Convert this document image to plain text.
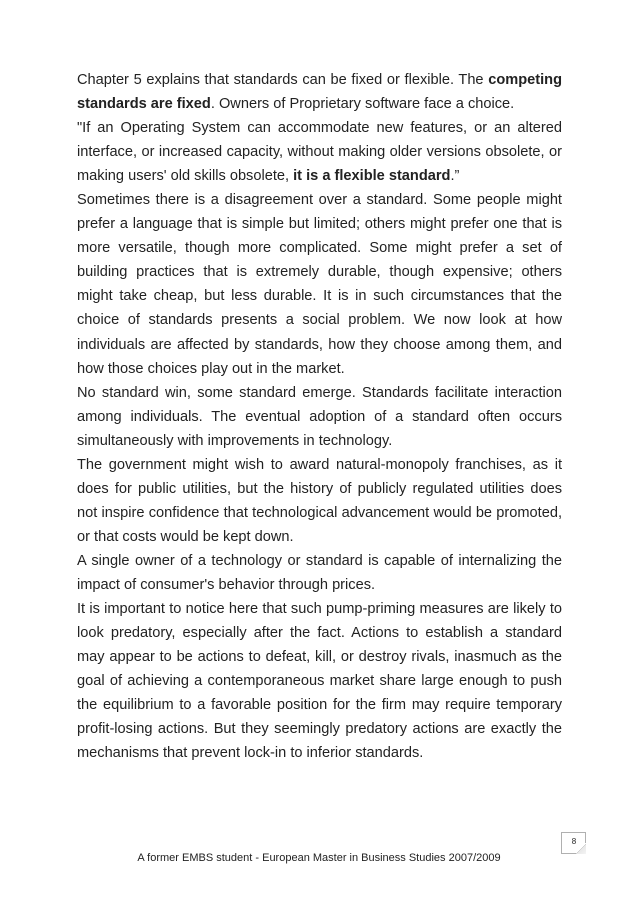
Chapter 5 explains that standards can be fixed or flexible. The competing standards are fixed. Owners of Proprietary software face a choice.

"If an Operating System can accommodate new features, or an altered interface, or increased capacity, without making older versions obsolete, or making users' old skills obsolete, it is a flexible standard.”

Sometimes there is a disagreement over a standard. Some people might prefer a language that is simple but limited; others might prefer one that is more versatile, though more complicated. Some might prefer a set of building practices that is extremely durable, though expensive; others might take cheap, but less durable. It is in such circumstances that the choice of standards presents a social problem. We now look at how individuals are affected by standards, how they choose among them, and how those choices play out in the market.

No standard win, some standard emerge. Standards facilitate interaction among individuals. The eventual adoption of a standard often occurs simultaneously with improvements in technology.

The government might wish to award natural-monopoly franchises, as it does for public utilities, but the history of publicly regulated utilities does not inspire confidence that technological advancement would be promoted, or that costs would be kept down.

A single owner of a technology or standard is capable of internalizing the impact of consumer's behavior through prices.

It is important to notice here that such pump-priming measures are likely to look predatory, especially after the fact. Actions to establish a standard may appear to be actions to defeat, kill, or destroy rivals, inasmuch as the goal of achieving a contemporaneous market share large enough to push the equilibrium to a favorable position for the firm may require temporary profit-losing actions. But they seemingly predatory actions are exactly the mechanisms that prevent lock-in to inferior standards.

8
A former EMBS student - European Master in Business Studies 2007/2009
